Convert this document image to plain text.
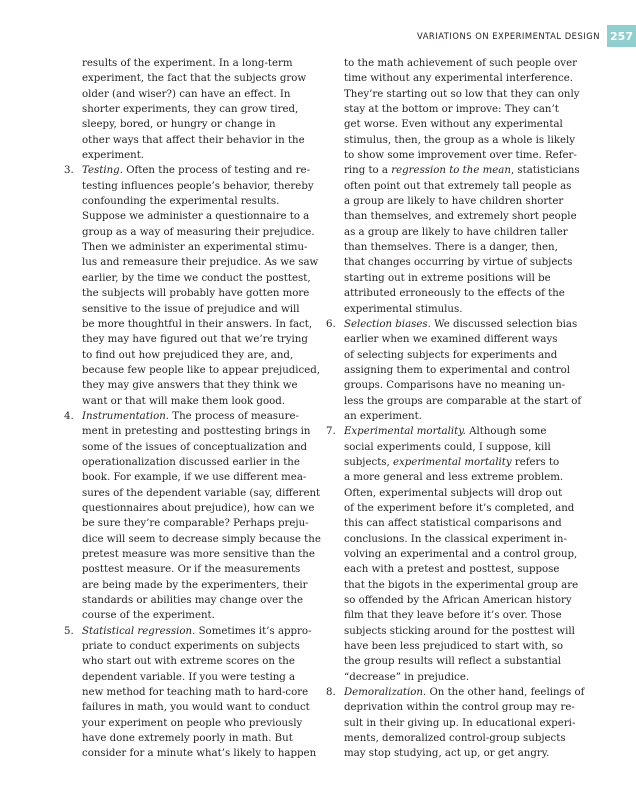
VARIATIONS ON EXPERIMENTAL DESIGN 257
results of the experiment. In a long-term
experiment, the fact that the subjects grow
older (and wiser?) can have an effect. In
shorter experiments, they can grow tired,
sleepy, bored, or hungry or change in
other ways that affect their behavior in the
experiment.
3. Testing. Often the process of testing and re-
testing influences people’s behavior, thereby
confounding the experimental results.
Suppose we administer a questionnaire to a
group as a way of measuring their prejudice.
Then we administer an experimental stimu-
lus and remeasure their prejudice. As we saw
earlier, by the time we conduct the posttest,
the subjects will probably have gotten more
sensitive to the issue of prejudice and will
be more thoughtful in their answers. In fact,
they may have figured out that we’re trying
to find out how prejudiced they are, and,
because few people like to appear prejudiced,
they may give answers that they think we
want or that will make them look good.
4. Instrumentation. The process of measure-
ment in pretesting and posttesting brings in
some of the issues of conceptualization and
operationalization discussed earlier in the
book. For example, if we use different mea-
sures of the dependent variable (say, different
questionnaires about prejudice), how can we
be sure they’re comparable? Perhaps preju-
dice will seem to decrease simply because the
pretest measure was more sensitive than the
posttest measure. Or if the measurements
are being made by the experimenters, their
standards or abilities may change over the
course of the experiment.
5. Statistical regression. Sometimes it’s appro-
priate to conduct experiments on subjects
who start out with extreme scores on the
dependent variable. If you were testing a
new method for teaching math to hard-core
failures in math, you would want to conduct
your experiment on people who previously
have done extremely poorly in math. But
consider for a minute what’s likely to happen
to the math achievement of such people over
time without any experimental interference.
They’re starting out so low that they can only
stay at the bottom or improve: They can’t
get worse. Even without any experimental
stimulus, then, the group as a whole is likely
to show some improvement over time. Refer-
ring to a regression to the mean, statisticians
often point out that extremely tall people as
a group are likely to have children shorter
than themselves, and extremely short people
as a group are likely to have children taller
than themselves. There is a danger, then,
that changes occurring by virtue of subjects
starting out in extreme positions will be
attributed erroneously to the effects of the
experimental stimulus.
6. Selection biases. We discussed selection bias
earlier when we examined different ways
of selecting subjects for experiments and
assigning them to experimental and control
groups. Comparisons have no meaning un-
less the groups are comparable at the start of
an experiment.
7. Experimental mortality. Although some
social experiments could, I suppose, kill
subjects, experimental mortality refers to
a more general and less extreme problem.
Often, experimental subjects will drop out
of the experiment before it’s completed, and
this can affect statistical comparisons and
conclusions. In the classical experiment in-
volving an experimental and a control group,
each with a pretest and posttest, suppose
that the bigots in the experimental group are
so offended by the African American history
film that they leave before it’s over. Those
subjects sticking around for the posttest will
have been less prejudiced to start with, so
the group results will reflect a substantial
“decrease” in prejudice.
8. Demoralization. On the other hand, feelings of
deprivation within the control group may re-
sult in their giving up. In educational experi-
ments, demoralized control-group subjects
may stop studying, act up, or get angry.
